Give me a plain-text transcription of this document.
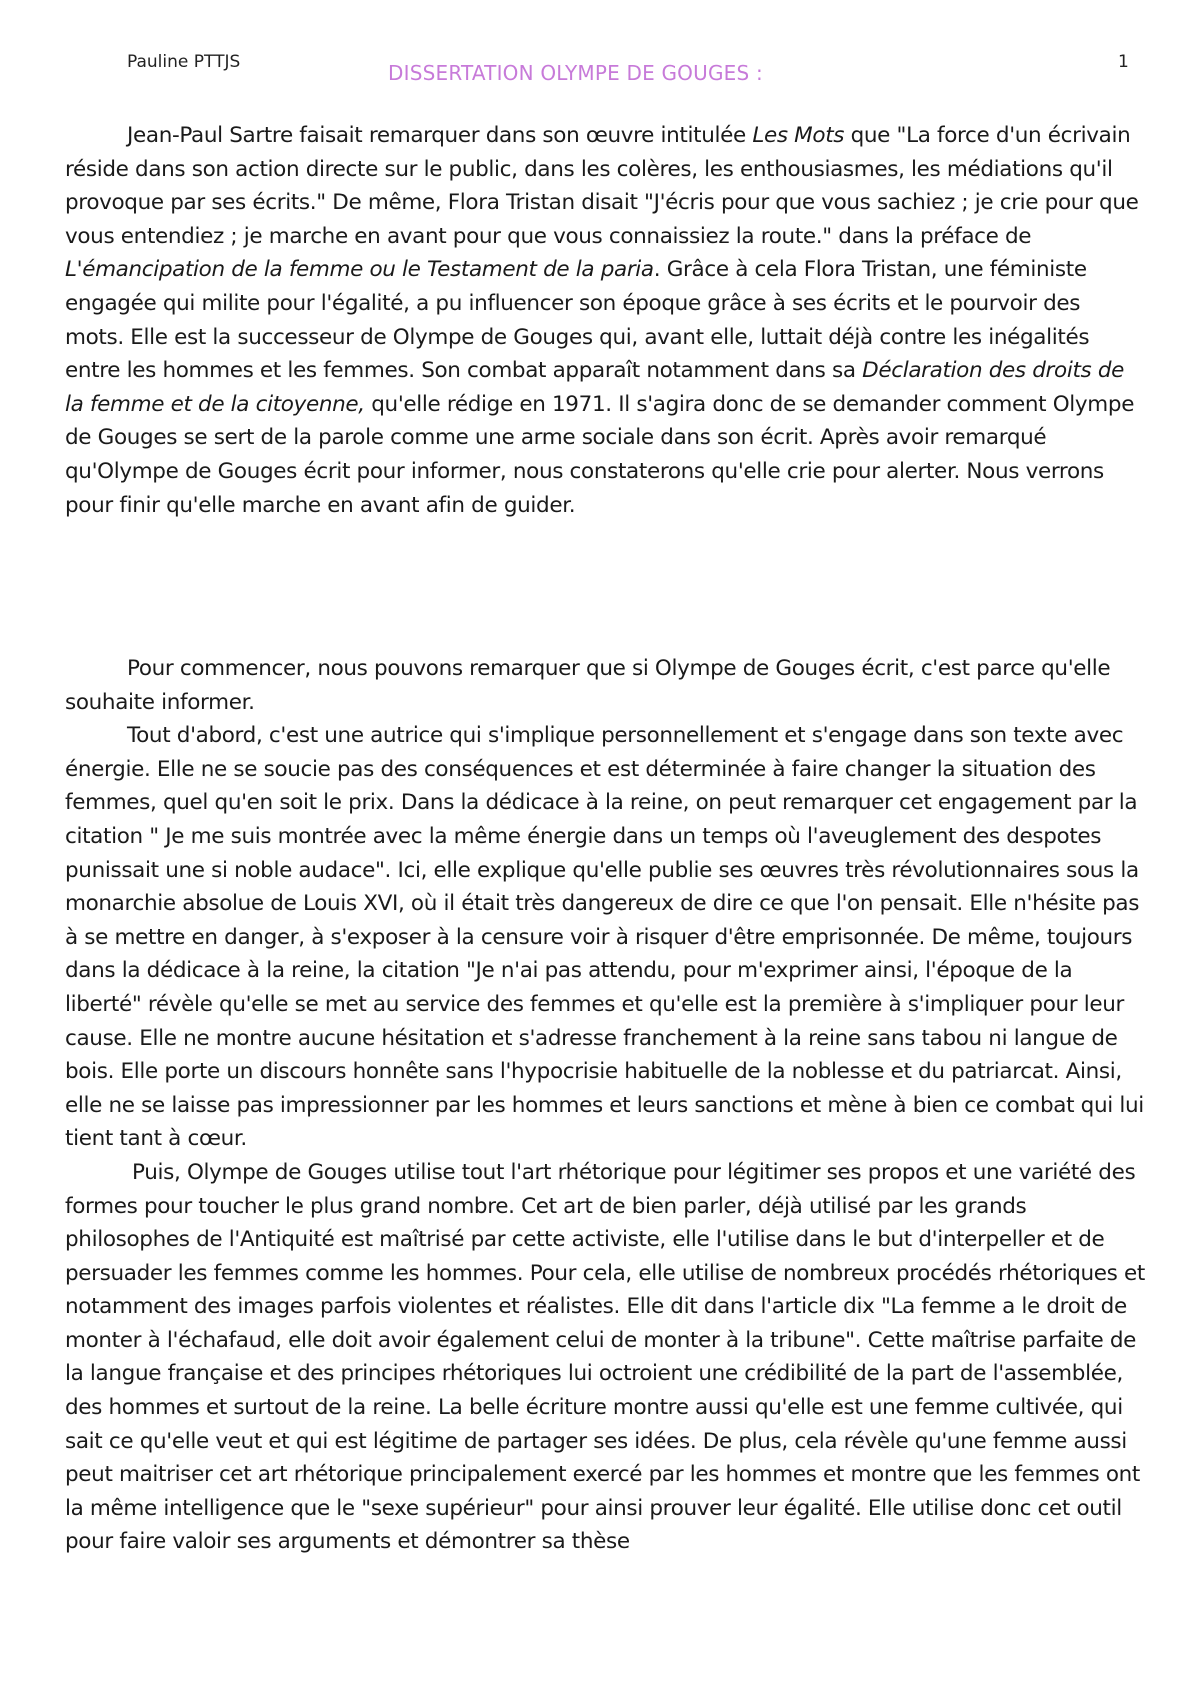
Pauline PTTJS	DISSERTATION OLYMPE DE GOUGES :	1

Jean-Paul Sartre faisait remarquer dans son œuvre intitulée Les Mots que "La force d'un écrivain réside dans son action directe sur le public, dans les colères, les enthousiasmes, les médiations qu'il provoque par ses écrits." De même, Flora Tristan disait "J'écris pour que vous sachiez ; je crie pour que vous entendiez ; je marche en avant pour que vous connaissiez la route." dans la préface de L'émancipation de la femme ou le Testament de la paria. Grâce à cela Flora Tristan, une féministe engagée qui milite pour l'égalité, a pu influencer son époque grâce à ses écrits et le pourvoir des mots. Elle est la successeur de Olympe de Gouges qui, avant elle, luttait déjà contre les inégalités entre les hommes et les femmes. Son combat apparaît notamment dans sa Déclaration des droits de la femme et de la citoyenne, qu'elle rédige en 1971. Il s'agira donc de se demander comment Olympe de Gouges se sert de la parole comme une arme sociale dans son écrit. Après avoir remarqué qu'Olympe de Gouges écrit pour informer, nous constaterons qu'elle crie pour alerter. Nous verrons pour finir qu'elle marche en avant afin de guider.

Pour commencer, nous pouvons remarquer que si Olympe de Gouges écrit, c'est parce qu'elle souhaite informer.

Tout d'abord, c'est une autrice qui s'implique personnellement et s'engage dans son texte avec énergie. Elle ne se soucie pas des conséquences et est déterminée à faire changer la situation des femmes, quel qu'en soit le prix. Dans la dédicace à la reine, on peut remarquer cet engagement par la citation " Je me suis montrée avec la même énergie dans un temps où l'aveuglement des despotes punissait une si noble audace". Ici, elle explique qu'elle publie ses œuvres très révolutionnaires sous la monarchie absolue de Louis XVI, où il était très dangereux de dire ce que l'on pensait. Elle n'hésite pas à se mettre en danger, à s'exposer à la censure voir à risquer d'être emprisonnée. De même, toujours dans la dédicace à la reine, la citation "Je n'ai pas attendu, pour m'exprimer ainsi, l'époque de la liberté" révèle qu'elle se met au service des femmes et qu'elle est la première à s'impliquer pour leur cause. Elle ne montre aucune hésitation et s'adresse franchement à la reine sans tabou ni langue de bois. Elle porte un discours honnête sans l'hypocrisie habituelle de la noblesse et du patriarcat. Ainsi, elle ne se laisse pas impressionner par les hommes et leurs sanctions et mène à bien ce combat qui lui tient tant à cœur.

Puis, Olympe de Gouges utilise tout l'art rhétorique pour légitimer ses propos et une variété des formes pour toucher le plus grand nombre. Cet art de bien parler, déjà utilisé par les grands philosophes de l'Antiquité est maîtrisé par cette activiste, elle l'utilise dans le but d'interpeller et de persuader les femmes comme les hommes. Pour cela, elle utilise de nombreux procédés rhétoriques et notamment des images parfois violentes et réalistes. Elle dit dans l'article dix "La femme a le droit de monter à l'échafaud, elle doit avoir également celui de monter à la tribune". Cette maîtrise parfaite de la langue française et des principes rhétoriques lui octroient une crédibilité de la part de l'assemblée, des hommes et surtout de la reine. La belle écriture montre aussi qu'elle est une femme cultivée, qui sait ce qu'elle veut et qui est légitime de partager ses idées. De plus, cela révèle qu'une femme aussi peut maitriser cet art rhétorique principalement exercé par les hommes et montre que les femmes ont la même intelligence que le "sexe supérieur" pour ainsi prouver leur égalité. Elle utilise donc cet outil pour faire valoir ses arguments et démontrer sa thèse
